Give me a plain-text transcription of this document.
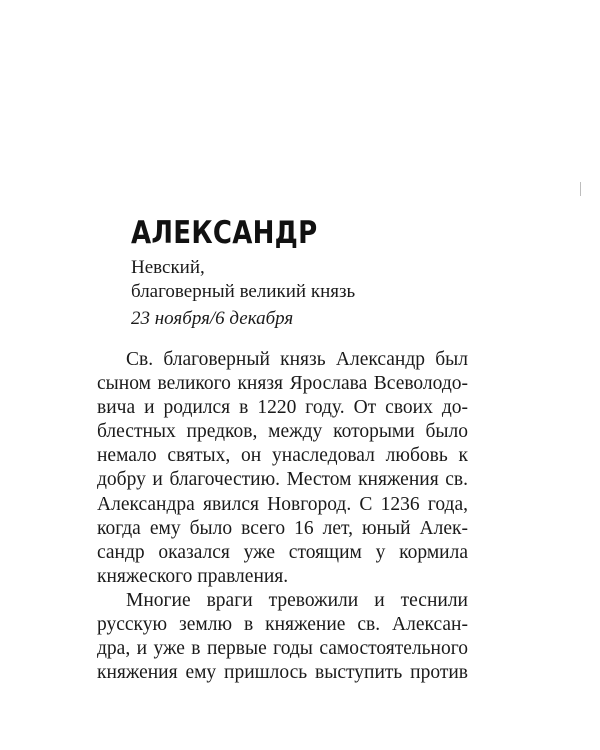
АЛЕКСАНДР
Невский,
благоверный великий князь
23 ноября/6 декабря
Св. благоверный князь Александр был
сыном великого князя Ярослава Всеволодо-
вича и родился в 1220 году. От своих до-
блестных предков, между которыми было
немало святых, он унаследовал любовь к
добру и благочестию. Местом княжения св.
Александра явился Новгород. С 1236 года,
когда ему было всего 16 лет, юный Алек-
сандр оказался уже стоящим у кормила
княжеского правления.
Многие враги тревожили и теснили
русскую землю в княжение св. Алексан-
дра, и уже в первые годы самостоятельного
княжения ему пришлось выступить против
